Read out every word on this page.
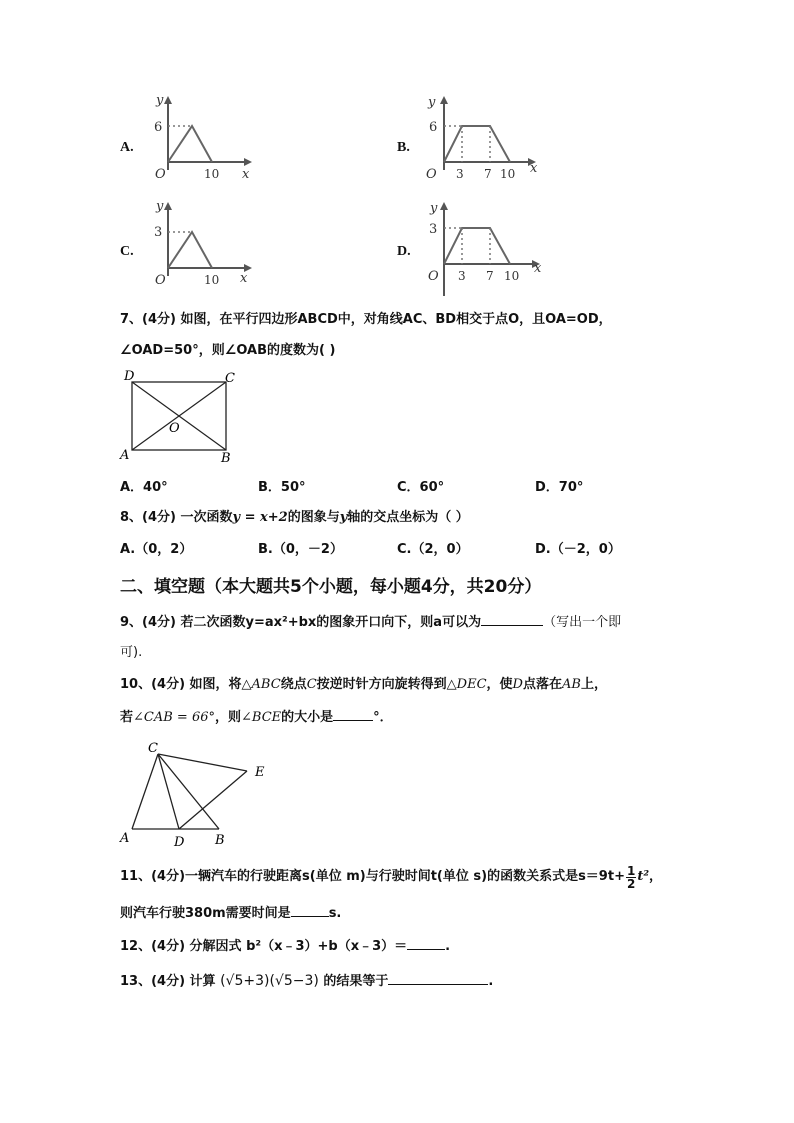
A.
y
6
O	10 x
B.
y
6
O 3 7 10 x
C.
y
3
O	10 x
D.
y
3
O 3 7 10 x
7、(4分) 如图，在平行四边形ABCD中，对角线AC、BD相交于点O，且OA=OD，
∠OAD=50°，则∠OAB的度数为( )
D	C
A	B
O
A．40°	B．50°	C．60°	D．70°
8、(4分) 一次函数y = x+2的图象与y轴的交点坐标为（ ）
A.（0，2）	B.（0，－2）	C.（2，0）	D.（－2，0）
二、填空题（本大题共5个小题，每小题4分，共20分）
9、(4分) 若二次函数y=ax²+bx的图象开口向下，则a可以为	（写出一个即
可).
10、(4分) 如图，将△ABC绕点C按逆时针方向旋转得到△DEC，使D点落在AB上，
若∠CAB = 66°，则∠BCE的大小是	°．
C
A	D B
E
11、(4分)一辆汽车的行驶距离s(单位 m)与行驶时间t(单位 s)的函数关系式是$s=9t+ \frac{1}{2} t^2$ ，
则汽车行驶380m需要时间是	s.
12、(4分) 分解因式 b²（x﹣3）+b（x﹣3）＝	.
13、(4分) 计算 (√5+3)(√5−3) 的结果等于	.
